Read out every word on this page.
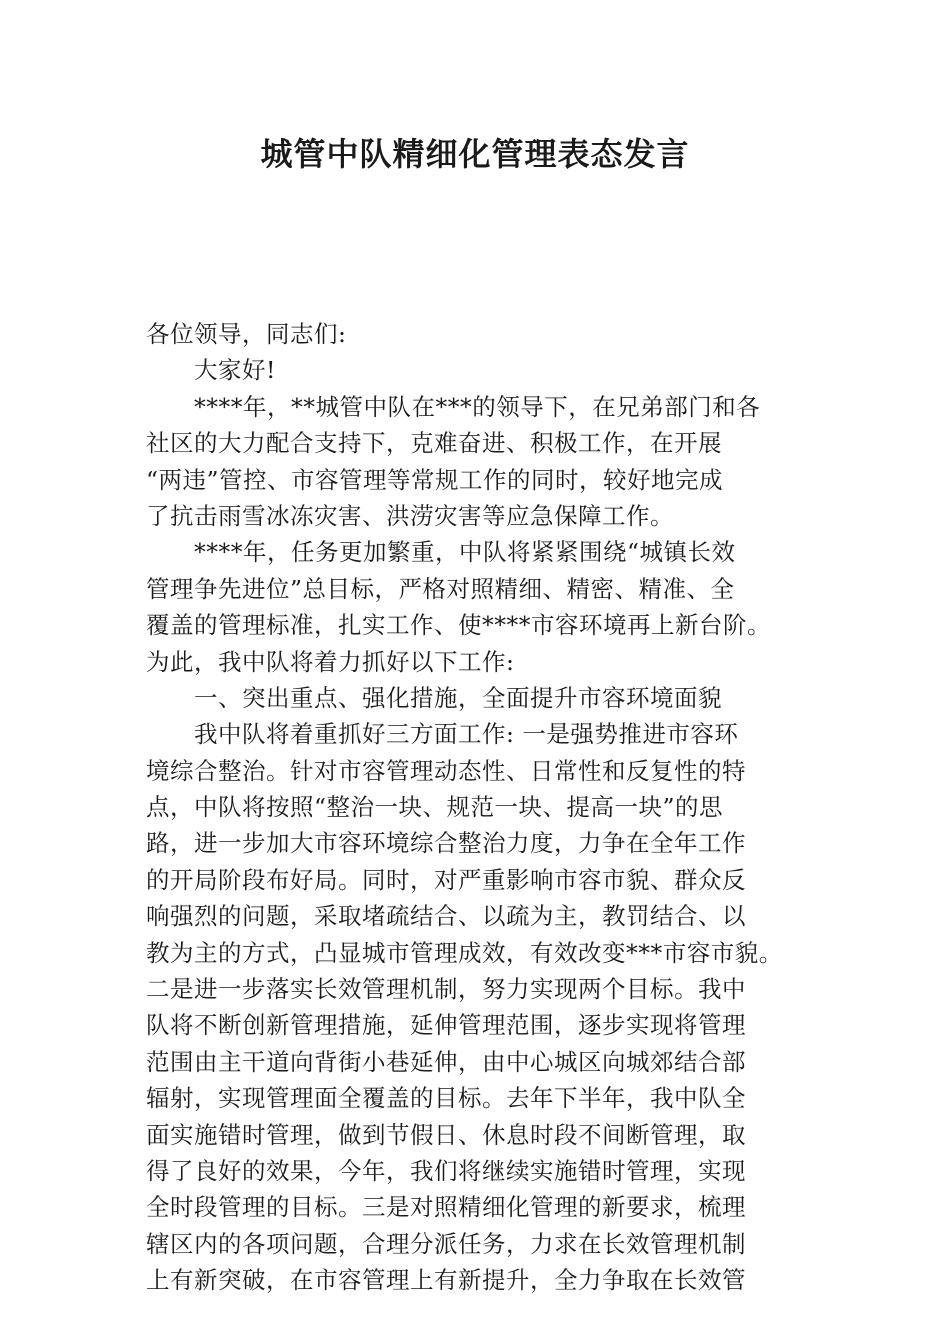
城管中队精细化管理表态发言
各位领导，同志们:
大家好!
****年，**城管中队在***的领导下，在兄弟部门和各
社区的大力配合支持下，克难奋进、积极工作，在开展
“两违”管控、市容管理等常规工作的同时，较好地完成
了抗击雨雪冰冻灾害、洪涝灾害等应急保障工作。
****年，任务更加繁重，中队将紧紧围绕“城镇长效
管理争先进位”总目标，严格对照精细、精密、精准、全
覆盖的管理标准，扎实工作、使****市容环境再上新台阶。
为此，我中队将着力抓好以下工作:
一、突出重点、强化措施，全面提升市容环境面貌
我中队将着重抓好三方面工作: 一是强势推进市容环
境综合整治。针对市容管理动态性、日常性和反复性的特
点，中队将按照“整治一块、规范一块、提高一块”的思
路，进一步加大市容环境综合整治力度，力争在全年工作
的开局阶段布好局。同时，对严重影响市容市貌、群众反
响强烈的问题，采取堵疏结合、以疏为主，教罚结合、以
教为主的方式，凸显城市管理成效，有效改变***市容市貌。
二是进一步落实长效管理机制，努力实现两个目标。我中
队将不断创新管理措施，延伸管理范围，逐步实现将管理
范围由主干道向背街小巷延伸，由中心城区向城郊结合部
辐射，实现管理面全覆盖的目标。去年下半年，我中队全
面实施错时管理，做到节假日、休息时段不间断管理，取
得了良好的效果，今年，我们将继续实施错时管理，实现
全时段管理的目标。三是对照精细化管理的新要求，梳理
辖区内的各项问题，合理分派任务，力求在长效管理机制
上有新突破，在市容管理上有新提升，全力争取在长效管
